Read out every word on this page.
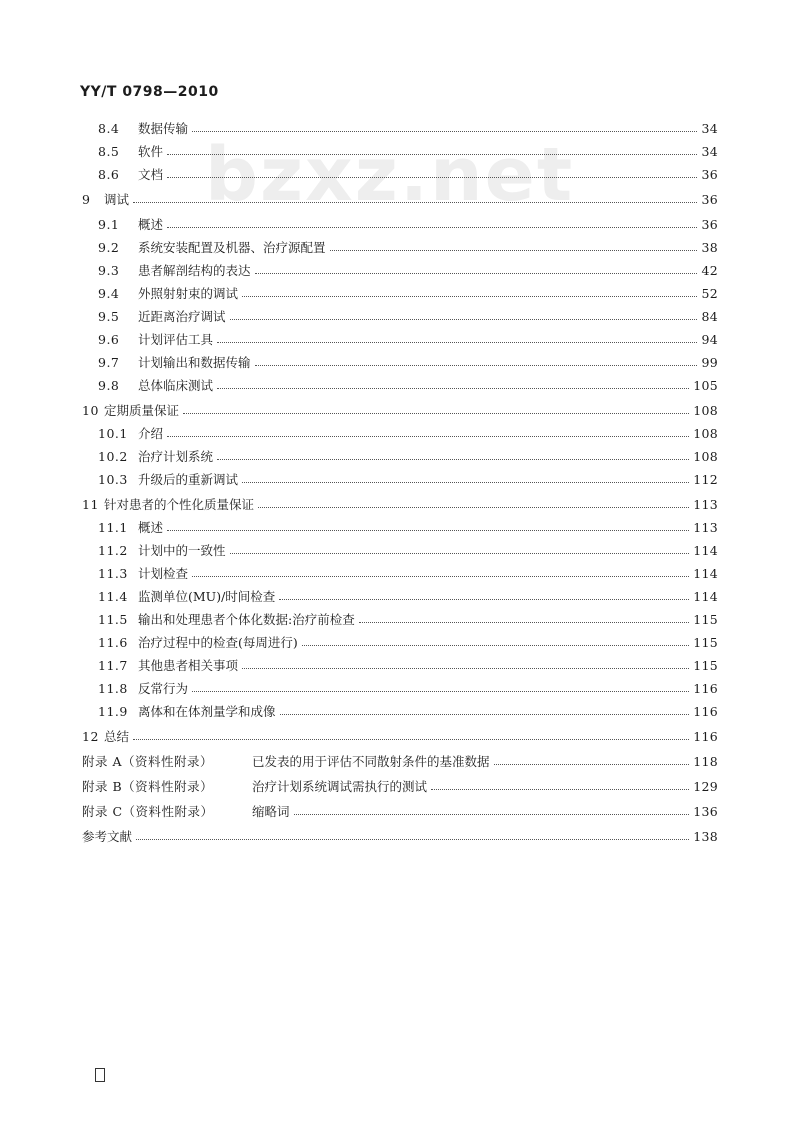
YY/T 0798—2010
bzxz.net
8.4	数据传输	34
8.5	软件	34
8.6	文档	36
9	调试	36
9.1	概述	36
9.2	系统安装配置及机器、治疗源配置	38
9.3	患者解剖结构的表达	42
9.4	外照射射束的调试	52
9.5	近距离治疗调试	84
9.6	计划评估工具	94
9.7	计划输出和数据传输	99
9.8	总体临床测试	105
10 定期质量保证	108
10.1 介绍	108
10.2 治疗计划系统	108
10.3 升级后的重新调试	112
11 针对患者的个性化质量保证	113
11.1 概述	113
11.2 计划中的一致性	114
11.3 计划检查	114
11.4 监测单位(MU)/时间检查	114
11.5 输出和处理患者个体化数据:治疗前检查	115
11.6 治疗过程中的检查(每周进行)	115
11.7 其他患者相关事项	115
11.8 反常行为	116
11.9 离体和在体剂量学和成像	116
12 总结	116
附录 A（资料性附录）	已发表的用于评估不同散射条件的基准数据	118
附录 B（资料性附录）	治疗计划系统调试需执行的测试	129
附录 C（资料性附录）	缩略词	136
参考文献	138
